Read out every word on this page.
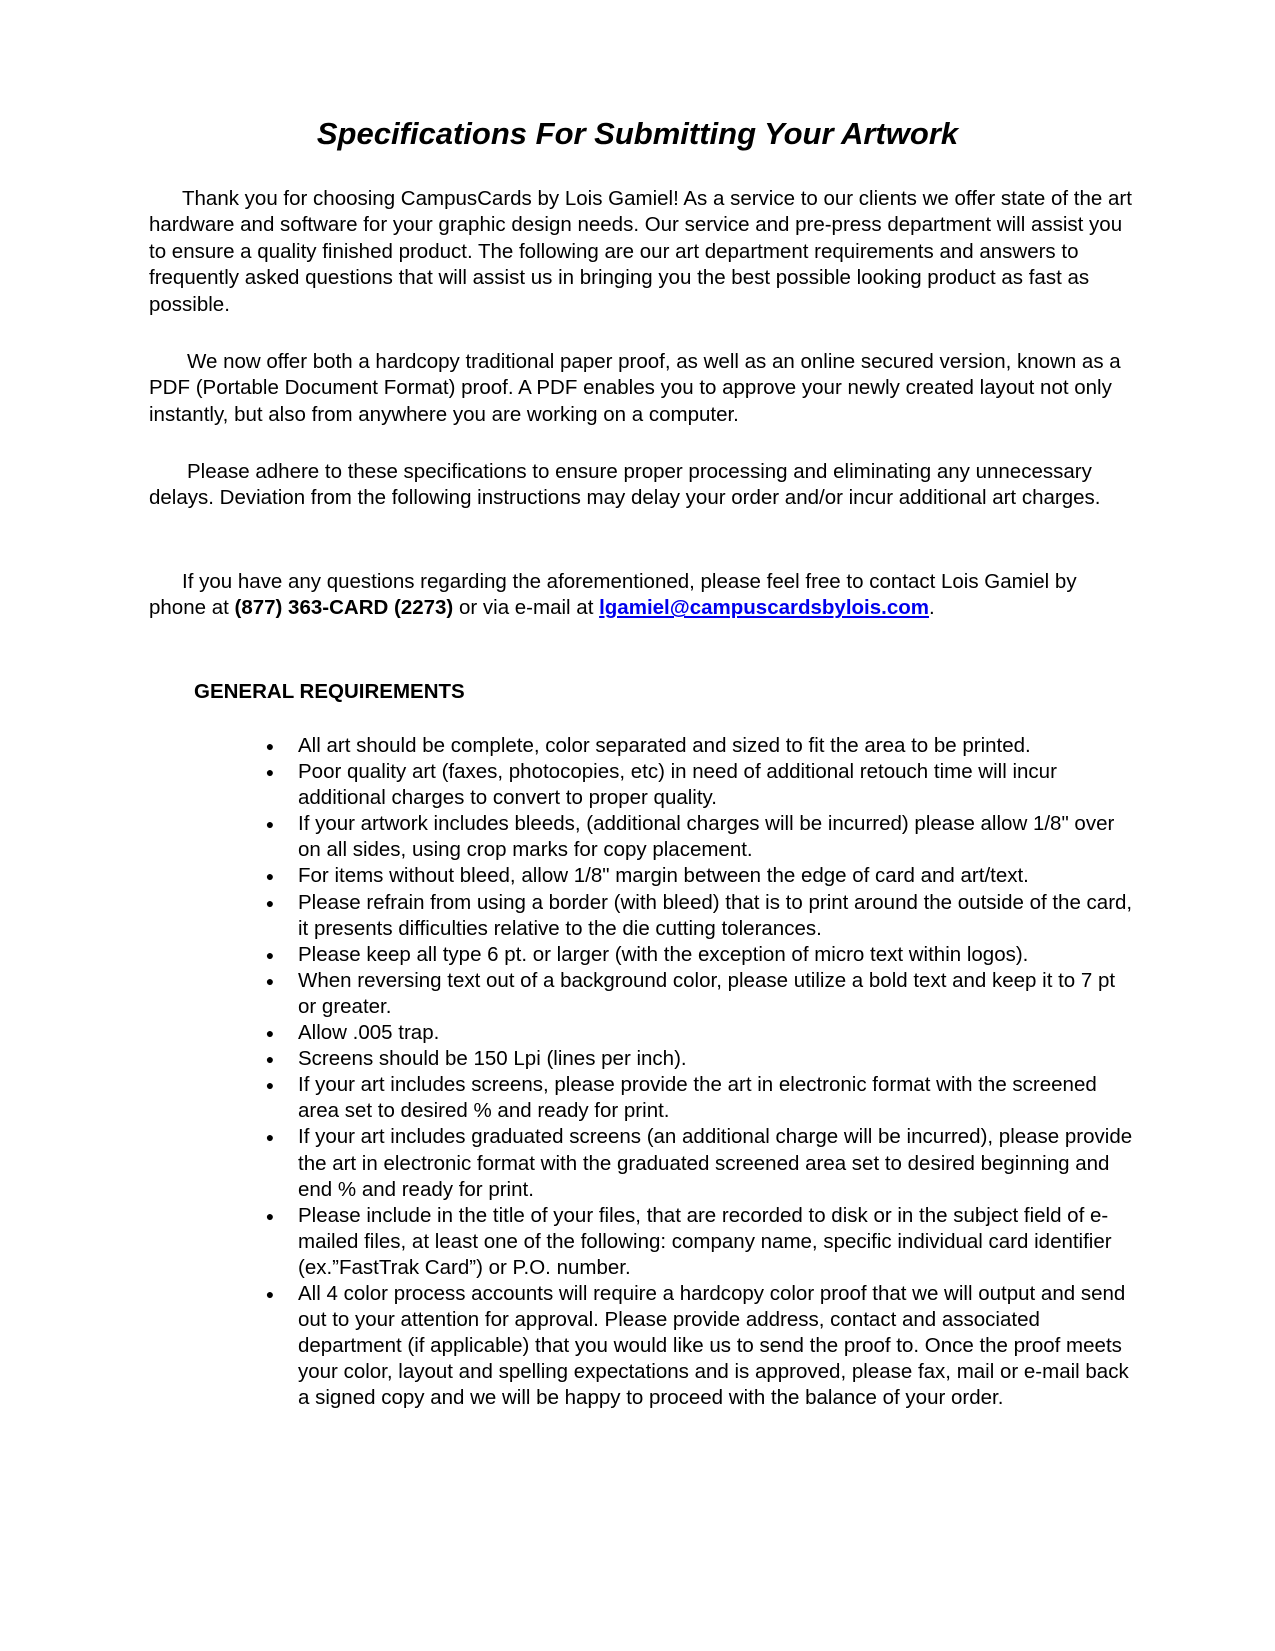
Specifications For Submitting Your Artwork

Thank you for choosing CampusCards by Lois Gamiel! As a service to our clients we offer state of the art hardware and software for your graphic design needs. Our service and pre-press department will assist you to ensure a quality finished product. The following are our art department requirements and answers to frequently asked questions that will assist us in bringing you the best possible looking product as fast as possible.

We now offer both a hardcopy traditional paper proof, as well as an online secured version, known as a PDF (Portable Document Format) proof. A PDF enables you to approve your newly created layout not only instantly, but also from anywhere you are working on a computer.

Please adhere to these specifications to ensure proper processing and eliminating any unnecessary delays. Deviation from the following instructions may delay your order and/or incur additional art charges.

If you have any questions regarding the aforementioned, please feel free to contact Lois Gamiel by phone at (877) 363-CARD (2273) or via e-mail at lgamiel@campuscardsbylois.com.

GENERAL REQUIREMENTS
● All art should be complete, color separated and sized to fit the area to be printed.
● Poor quality art (faxes, photocopies, etc) in need of additional retouch time will incur additional charges to convert to proper quality.
● If your artwork includes bleeds, (additional charges will be incurred) please allow 1/8" over on all sides, using crop marks for copy placement.
● For items without bleed, allow 1/8" margin between the edge of card and art/text.
● Please refrain from using a border (with bleed) that is to print around the outside of the card, it presents difficulties relative to the die cutting tolerances.
● Please keep all type 6 pt. or larger (with the exception of micro text within logos).
● When reversing text out of a background color, please utilize a bold text and keep it to 7 pt or greater.
● Allow .005 trap.
● Screens should be 150 Lpi (lines per inch).
● If your art includes screens, please provide the art in electronic format with the screened area set to desired % and ready for print.
● If your art includes graduated screens (an additional charge will be incurred), please provide the art in electronic format with the graduated screened area set to desired beginning and end % and ready for print.
● Please include in the title of your files, that are recorded to disk or in the subject field of e-mailed files, at least one of the following: company name, specific individual card identifier (ex.”FastTrak Card”) or P.O. number.
● All 4 color process accounts will require a hardcopy color proof that we will output and send out to your attention for approval. Please provide address, contact and associated department (if applicable) that you would like us to send the proof to. Once the proof meets your color, layout and spelling expectations and is approved, please fax, mail or e-mail back a signed copy and we will be happy to proceed with the balance of your order.
